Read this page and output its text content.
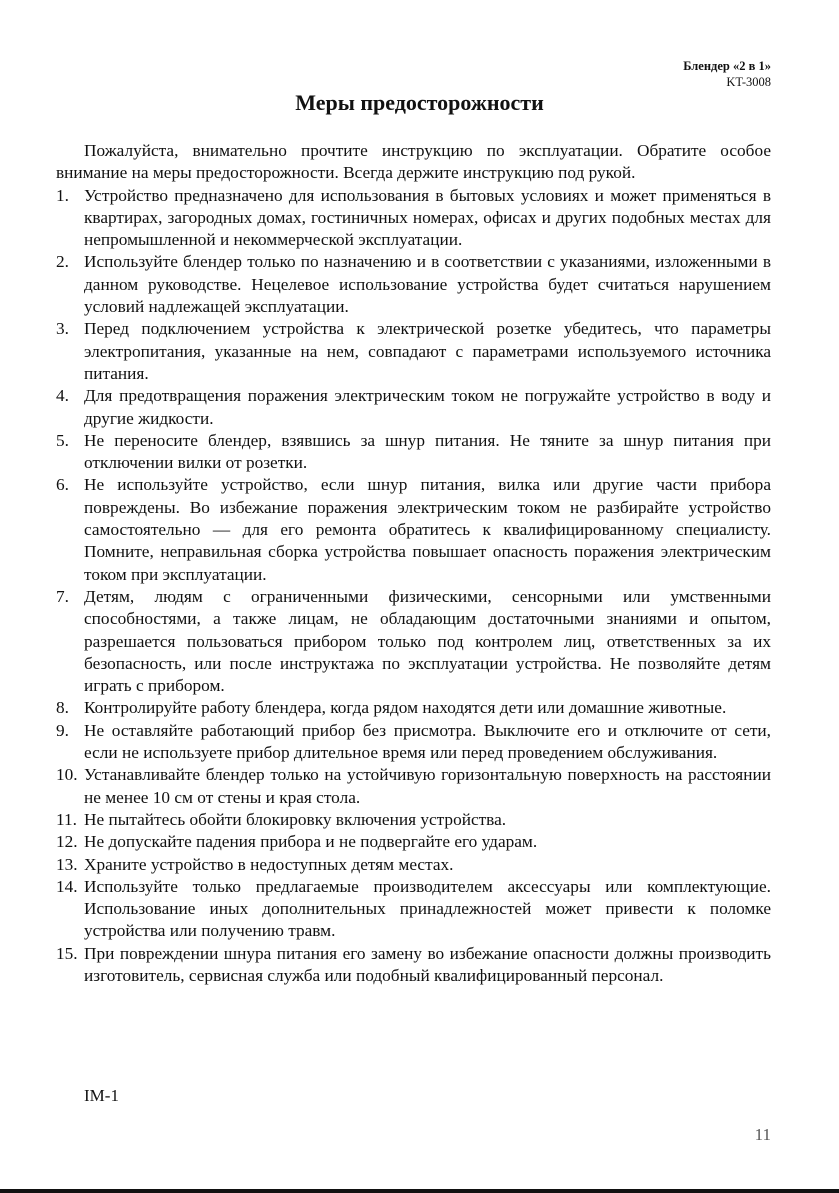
Блендер «2 в 1»
KT-3008
Меры предосторожности

Пожалуйста, внимательно прочтите инструкцию по эксплуатации. Обратите особое внимание на меры предосторожности. Всегда держите инструкцию под рукой.

1. Устройство предназначено для использования в бытовых условиях и может применяться в квартирах, загородных домах, гостиничных номерах, офисах и других подобных местах для непромышленной и некоммерческой эксплуатации.
2. Используйте блендер только по назначению и в соответствии с указаниями, изложенными в данном руководстве. Нецелевое использование устройства будет считаться нарушением условий надлежащей эксплуатации.
3. Перед подключением устройства к электрической розетке убедитесь, что параметры электропитания, указанные на нем, совпадают с параметрами используемого источника питания.
4. Для предотвращения поражения электрическим током не погружайте устройство в воду и другие жидкости.
5. Не переносите блендер, взявшись за шнур питания. Не тяните за шнур питания при отключении вилки от розетки.
6. Не используйте устройство, если шнур питания, вилка или другие части прибора повреждены. Во избежание поражения электрическим током не разбирайте устройство самостоятельно — для его ремонта обратитесь к квалифицированному специалисту. Помните, неправильная сборка устройства повышает опасность поражения электрическим током при эксплуатации.
7. Детям, людям с ограниченными физическими, сенсорными или умственными способностями, а также лицам, не обладающим достаточными знаниями и опытом, разрешается пользоваться прибором только под контролем лиц, ответственных за их безопасность, или после инструктажа по эксплуатации устройства. Не позволяйте детям играть с прибором.
8. Контролируйте работу блендера, когда рядом находятся дети или домашние животные.
9. Не оставляйте работающий прибор без присмотра. Выключите его и отключите от сети, если не используете прибор длительное время или перед проведением обслуживания.
10. Устанавливайте блендер только на устойчивую горизонтальную поверхность на расстоянии не менее 10 см от стены и края стола.
11. Не пытайтесь обойти блокировку включения устройства.
12. Не допускайте падения прибора и не подвергайте его ударам.
13. Храните устройство в недоступных детям местах.
14. Используйте только предлагаемые производителем аксессуары или комплектующие. Использование иных дополнительных принадлежностей может привести к поломке устройства или получению травм.
15. При повреждении шнура питания его замену во избежание опасности должны производить изготовитель, сервисная служба или подобный квалифицированный персонал.
IM-1
11
